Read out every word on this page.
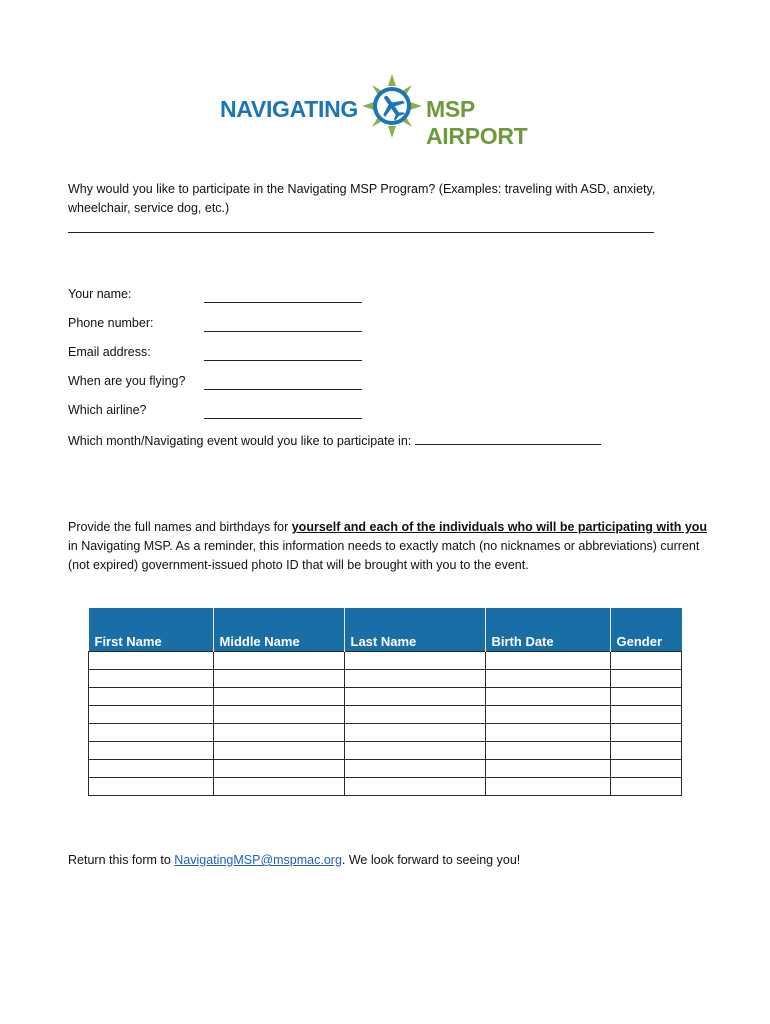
NAVIGATING	MSP AIRPORT
Why would you like to participate in the Navigating MSP Program? (Examples: traveling with ASD, anxiety, wheelchair, service dog, etc.)
Your name:
Phone number:
Email address:
When are you flying?
Which airline?
Which month/Navigating event would you like to participate in:
Provide the full names and birthdays for yourself and each of the individuals who will be participating with you in Navigating MSP. As a reminder, this information needs to exactly match (no nicknames or abbreviations) current (not expired) government-issued photo ID that will be brought with you to the event.
First Name	Middle Name	Last Name	Birth Date	Gender

Return this form to NavigatingMSP@mspmac.org. We look forward to seeing you!
